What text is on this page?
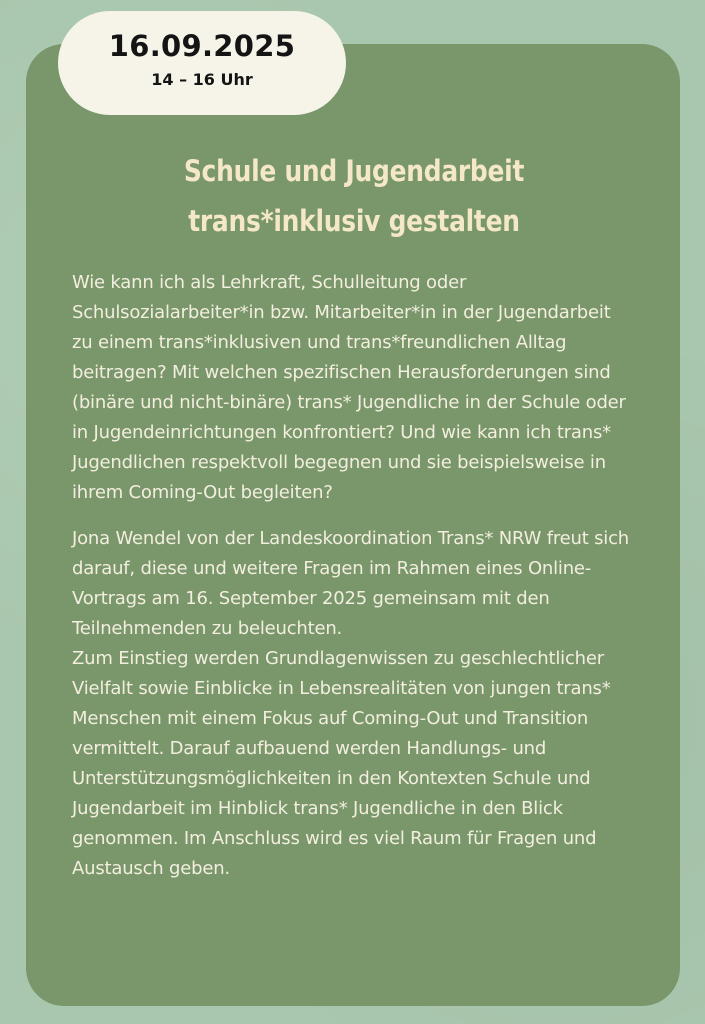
Schule und Jugendarbeit
trans*inklusiv gestalten

Wie kann ich als Lehrkraft, Schulleitung oder Schulsozialarbeiter*in bzw. Mitarbeiter*in in der Jugendarbeit zu einem trans*inklusiven und trans*freundlichen Alltag beitragen? Mit welchen spezifischen Herausforderungen sind (binäre und nicht-binäre) trans* Jugendliche in der Schule oder in Jugendeinrichtungen konfrontiert? Und wie kann ich trans* Jugendlichen respektvoll begegnen und sie beispielsweise in ihrem Coming-Out begleiten?

Jona Wendel von der Landeskoordination Trans* NRW freut sich darauf, diese und weitere Fragen im Rahmen eines Online-Vortrags am 16. September 2025 gemeinsam mit den Teilnehmenden zu beleuchten.

Zum Einstieg werden Grundlagenwissen zu geschlechtlicher Vielfalt sowie Einblicke in Lebensrealitäten von jungen trans* Menschen mit einem Fokus auf Coming-Out und Transition vermittelt. Darauf aufbauend werden Handlungs- und Unterstützungsmöglichkeiten in den Kontexten Schule und Jugendarbeit im Hinblick trans* Jugendliche in den Blick genommen. Im Anschluss wird es viel Raum für Fragen und Austausch geben.

16.09.2025
14 – 16 Uhr
